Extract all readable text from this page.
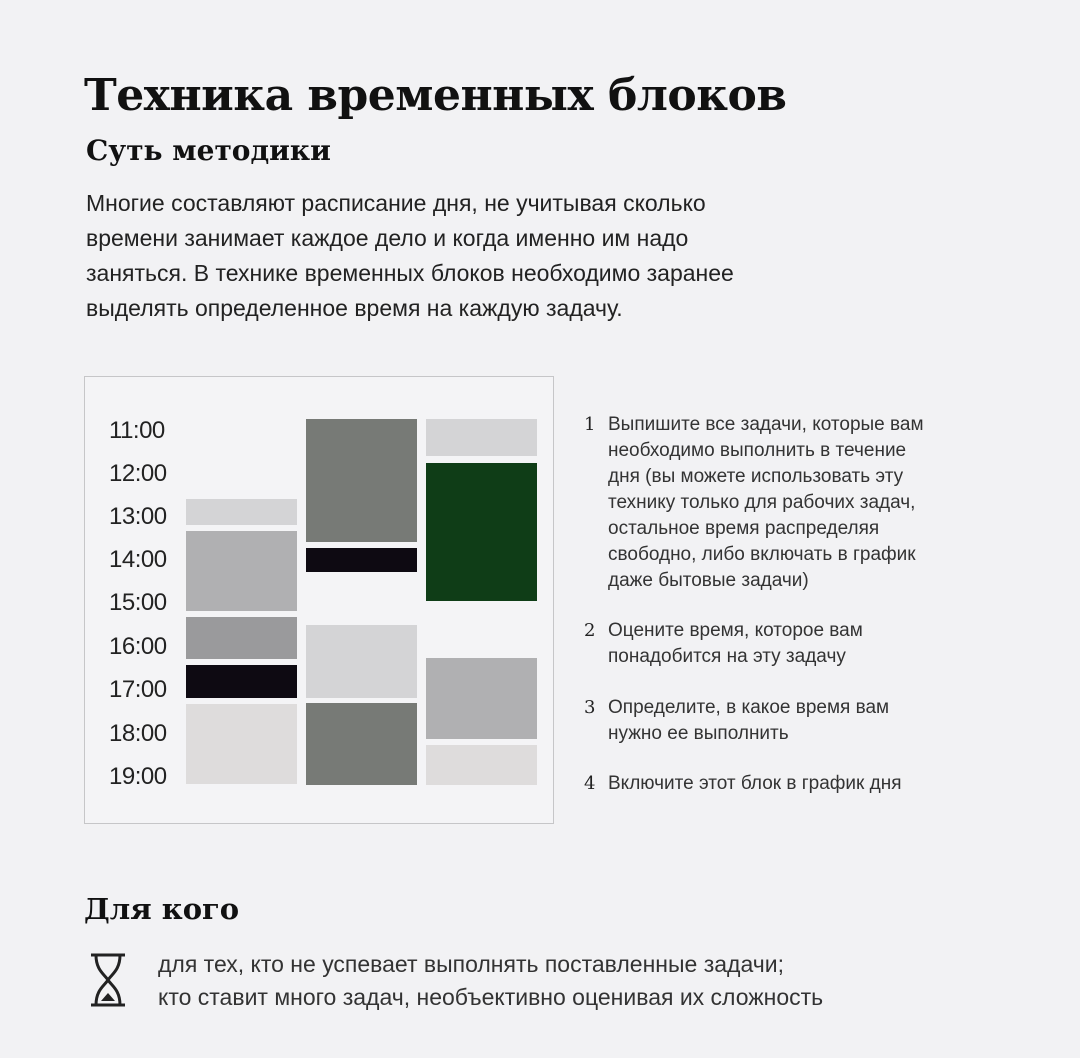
Техника временных блоков
Суть методики
Многие составляют расписание дня, не учитывая сколько
времени занимает каждое дело и когда именно им надо
заняться. В технике временных блоков необходимо заранее
выделять определенное время на каждую задачу.
11:00
12:00
13:00
14:00
15:00
16:00
17:00
18:00
19:00
1 Выпишите все задачи, которые вам
необходимо выполнить в течение
дня (вы можете использовать эту
технику только для рабочих задач,
остальное время распределяя
свободно, либо включать в график
даже бытовые задачи)
2 Оцените время, которое вам
понадобится на эту задачу
3 Определите, в какое время вам
нужно ее выполнить
4 Включите этот блок в график дня
Для кого
для тех, кто не успевает выполнять поставленные задачи;
кто ставит много задач, необъективно оценивая их сложность
